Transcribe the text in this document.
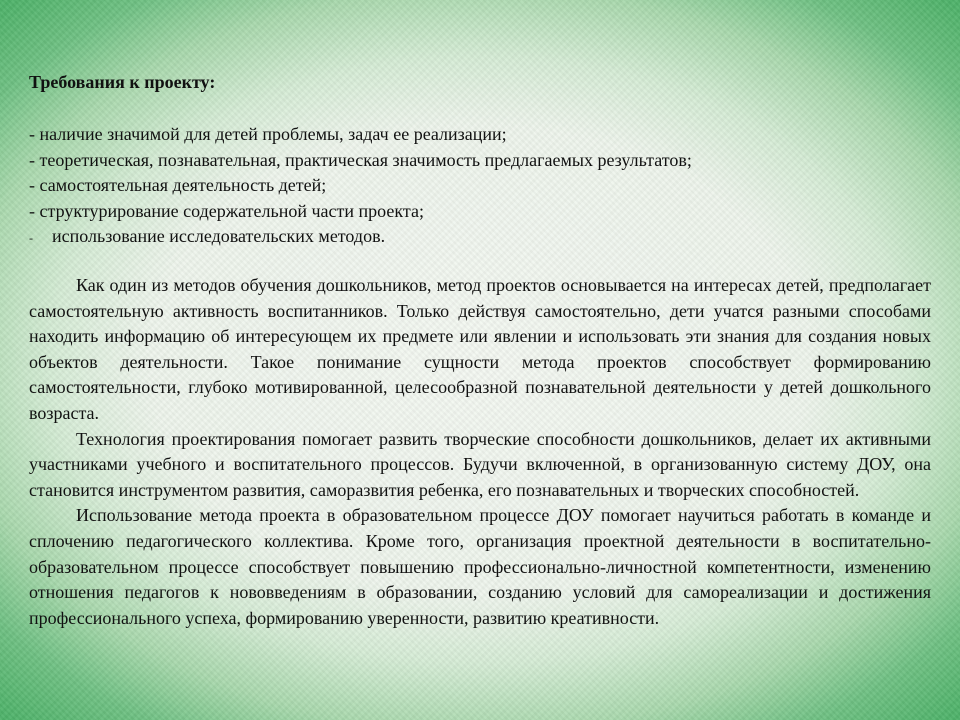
Требования к проекту:

- наличие значимой для детей проблемы, задач ее реализации;
- теоретическая, познавательная, практическая значимость предлагаемых результатов;
- самостоятельная деятельность детей;
- структурирование содержательной части проекта;
-	использование исследовательских методов.

Как один из методов обучения дошкольников, метод проектов основывается на интересах детей, предполагает самостоятельную активность воспитанников. Только действуя самостоятельно, дети учатся разными способами находить информацию об интересующем их предмете или явлении и использовать эти знания для создания новых объектов деятельности. Такое понимание сущности метода проектов способствует формированию самостоятельности, глубоко мотивированной, целесообразной познавательной деятельности у детей дошкольного возраста.

Технология проектирования помогает развить творческие способности дошкольников, делает их активными участниками учебного и воспитательного процессов. Будучи включенной, в организованную систему ДОУ, она становится инструментом развития, саморазвития ребенка, его познавательных и творческих способностей.

Использование метода проекта в образовательном процессе ДОУ помогает научиться работать в команде и сплочению педагогического коллектива. Кроме того, организация проектной деятельности в воспитательно-образовательном процессе способствует повышению профессионально-личностной компетентности, изменению отношения педагогов к нововведениям в образовании, созданию условий для самореализации и достижения профессионального успеха, формированию уверенности, развитию креативности.
